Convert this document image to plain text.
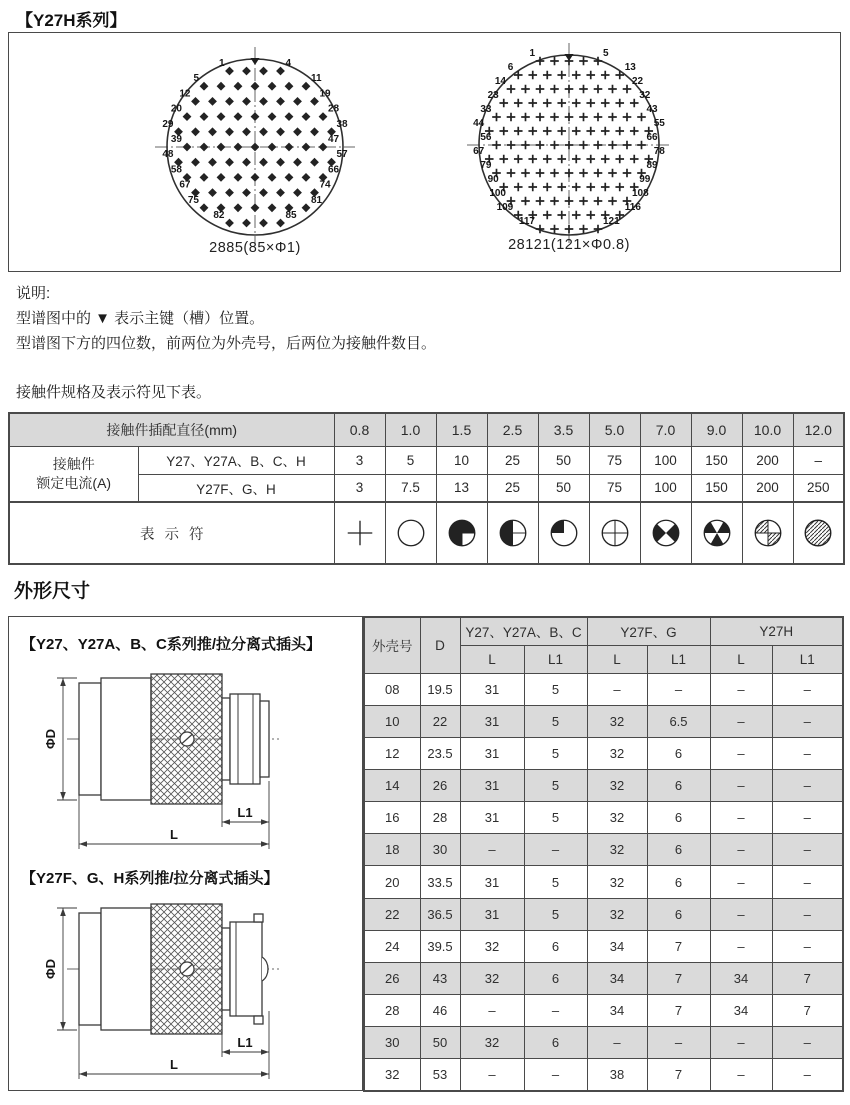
【Y27H系列】
1	4
5	11
12	19
20	28
29	38
39	47
48	57
58	66
67	74
75	81
82	85
1	5
6	13
14	22
23	32
33	43
44	55
56	66
67	78
79	89
90	99
100	108
109	116
117	121
2885(85×Φ1)	28121(121×Φ0.8)
说明:
型谱图中的 ▼ 表示主键（槽）位置。
型谱图下方的四位数，前两位为外壳号，后两位为接触件数目。
接触件规格及表示符见下表。
接触件插配直径(mm)		0.8	1.0	1.5	2.5	3.5	5.0	7.0	9.0	10.0	12.0
接触件
额定电流(A)	Y27、Y27A、B、C、H	3	5	10	25	50	75	100	150	200	–
	Y27F、G、H	3	7.5	13	25	50	75	100	150	200	250
表示符	

外形尺寸
【Y27、Y27A、B、C系列推/拉分离式插头】
ΦD
L1
L
【Y27F、G、H系列推/拉分离式插头】
ΦD
L1
L
外壳号	D	Y27、Y27A、B、C		Y27F、G		Y27H	
		L	L1	L	L1	L	L1
08	19.5	31	5	–	–	–	–
10	22	31	5	32	6.5	–	–
12	23.5	31	5	32	6	–	–
14	26	31	5	32	6	–	–
16	28	31	5	32	6	–	–
18	30	–	–	32	6	–	–
20	33.5	31	5	32	6	–	–
22	36.5	31	5	32	6	–	–
24	39.5	32	6	34	7	–	–
26	43	32	6	34	7	34	7
28	46	–	–	34	7	34	7
30	50	32	6	–	–	–	–
32	53	–	–	38	7	–	–
